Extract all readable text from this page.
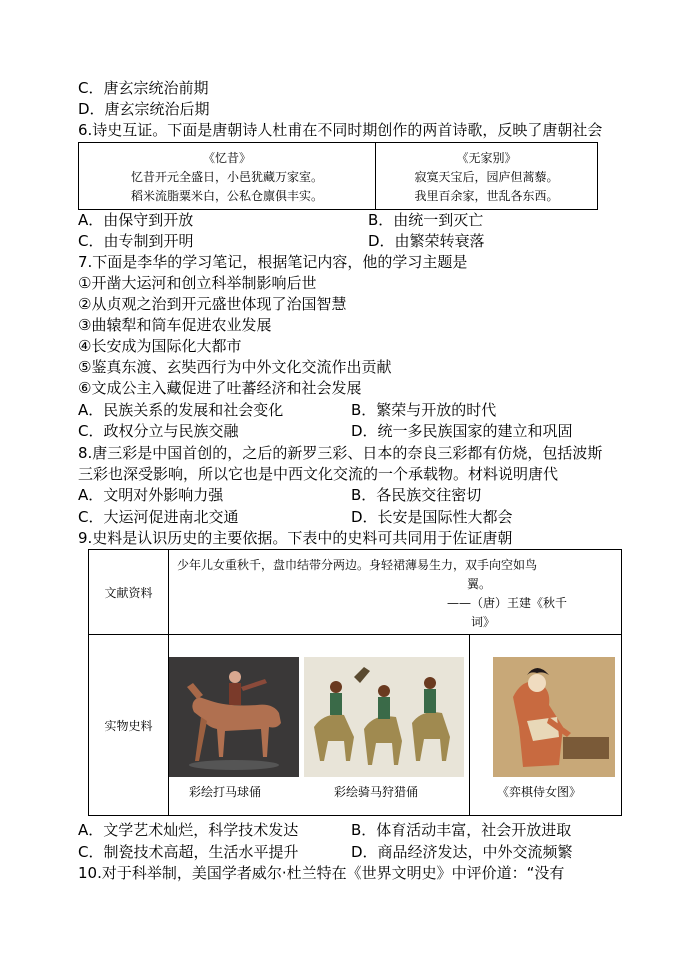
C．唐玄宗统治前期
D．唐玄宗统治后期
6.诗史互证。下面是唐朝诗人杜甫在不同时期创作的两首诗歌，反映了唐朝社会
《忆昔》
忆昔开元全盛日，小邑犹藏万家室。
稻米流脂粟米白，公私仓廪俱丰实。
《无家别》
寂寞天宝后，园庐但蒿藜。
我里百余家，世乱各东西。
A．由保守到开放	B．由统一到灭亡
C．由专制到开明	D．由繁荣转衰落
7.下面是李华的学习笔记，根据笔记内容，他的学习主题是
①开凿大运河和创立科举制影响后世
②从贞观之治到开元盛世体现了治国智慧
③曲辕犁和筒车促进农业发展
④长安成为国际化大都市
⑤鉴真东渡、玄奘西行为中外文化交流作出贡献
⑥文成公主入藏促进了吐蕃经济和社会发展
A．民族关系的发展和社会变化	B．繁荣与开放的时代
C．政权分立与民族交融	D．统一多民族国家的建立和巩固
8.唐三彩是中国首创的，之后的新罗三彩、日本的奈良三彩都有仿烧，包括波斯
三彩也深受影响，所以它也是中西文化交流的一个承载物。材料说明唐代
A．文明对外影响力强	B．各民族交往密切
C．大运河促进南北交通	D．长安是国际性大都会
9.史料是认识历史的主要依据。下表中的史料可共同用于佐证唐朝
文献资料
少年儿女重秋千，盘巾结带分两边。身轻裙薄易生力，双手向空如鸟
翼。
——（唐）王建《秋千
词》
实物史料
彩绘打马球俑	彩绘骑马狩猎俑	《弈棋侍女图》
A．文学艺术灿烂，科学技术发达	B．体育活动丰富，社会开放进取
C．制瓷技术高超，生活水平提升	D．商品经济发达，中外交流频繁
10.对于科举制，美国学者威尔·杜兰特在《世界文明史》中评价道：“没有
